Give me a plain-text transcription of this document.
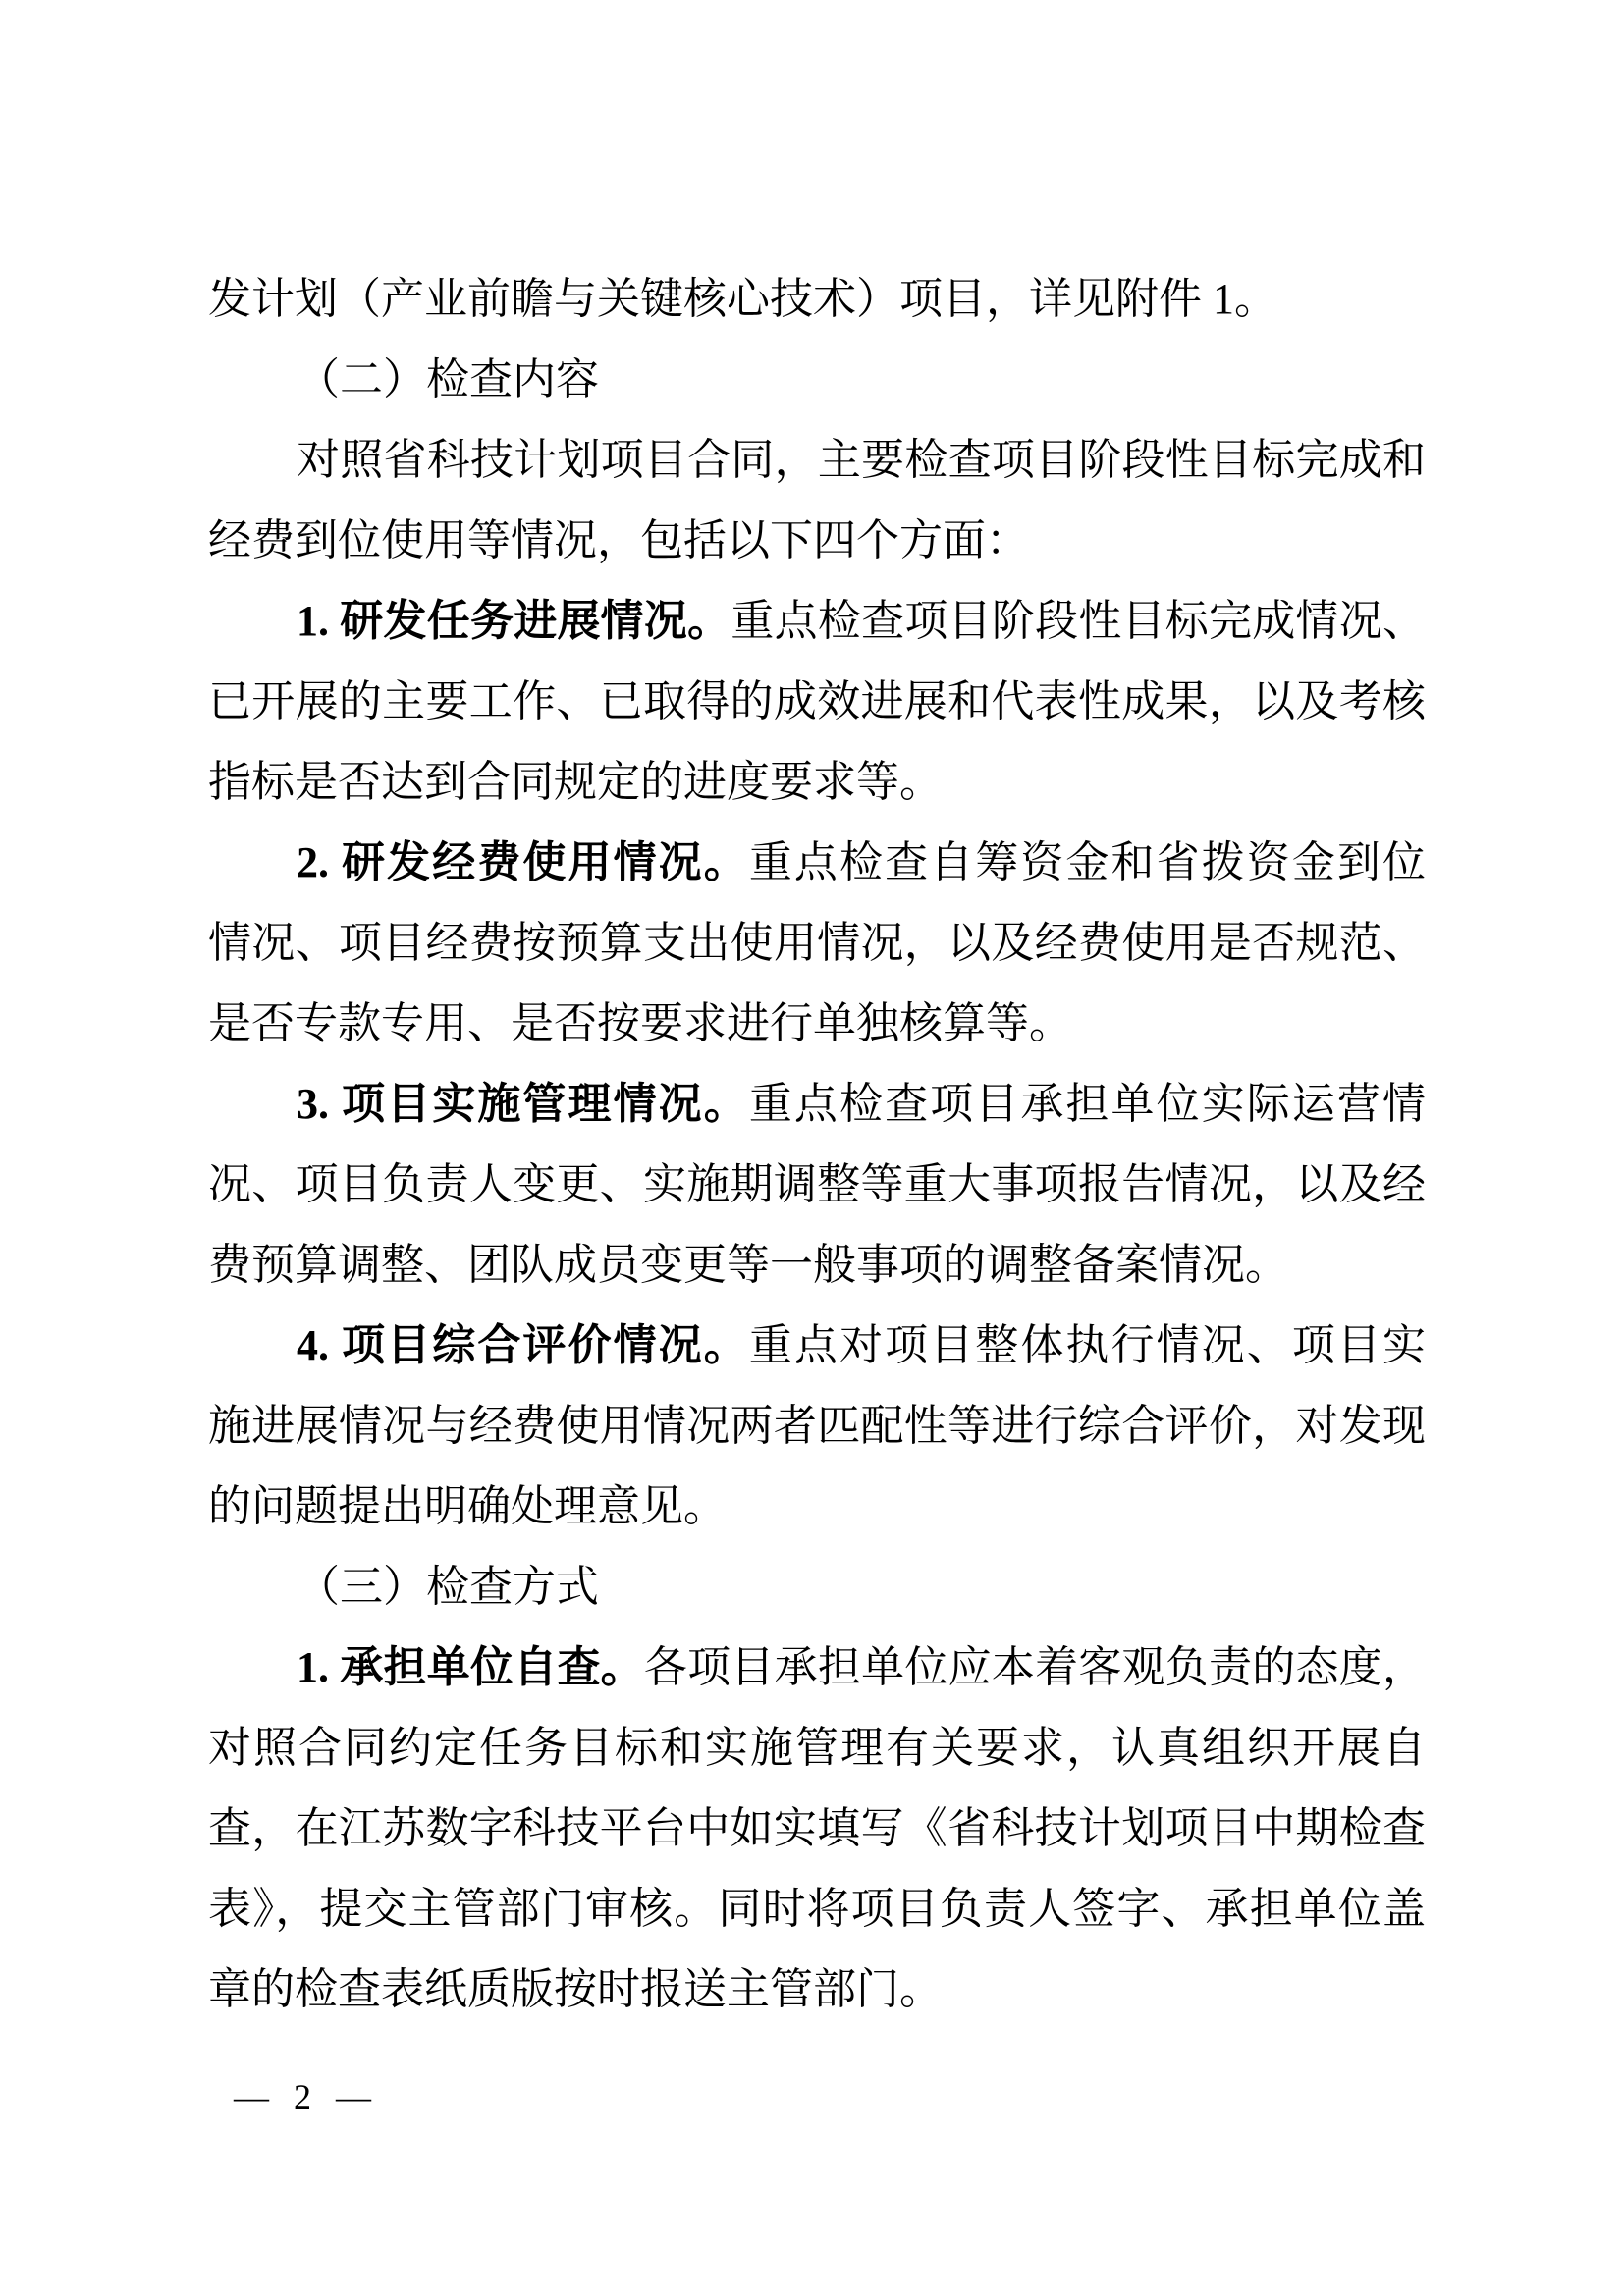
发计划（产业前瞻与关键核心技术）项目，详见附件 1。
（二）检查内容
对照省科技计划项目合同，主要检查项目阶段性目标完成和
经费到位使用等情况，包括以下四个方面：
1. 研发任务进展情况。重点检查项目阶段性目标完成情况、
已开展的主要工作、已取得的成效进展和代表性成果，以及考核
指标是否达到合同规定的进度要求等。
2. 研发经费使用情况。重点检查自筹资金和省拨资金到位
情况、项目经费按预算支出使用情况，以及经费使用是否规范、
是否专款专用、是否按要求进行单独核算等。
3. 项目实施管理情况。重点检查项目承担单位实际运营情
况、项目负责人变更、实施期调整等重大事项报告情况，以及经
费预算调整、团队成员变更等一般事项的调整备案情况。
4. 项目综合评价情况。重点对项目整体执行情况、项目实
施进展情况与经费使用情况两者匹配性等进行综合评价，对发现
的问题提出明确处理意见。
（三）检查方式
1. 承担单位自查。各项目承担单位应本着客观负责的态度，
对照合同约定任务目标和实施管理有关要求，认真组织开展自
查，在江苏数字科技平台中如实填写《省科技计划项目中期检查
表》，提交主管部门审核。同时将项目负责人签字、承担单位盖
章的检查表纸质版按时报送主管部门。
— 2 —
